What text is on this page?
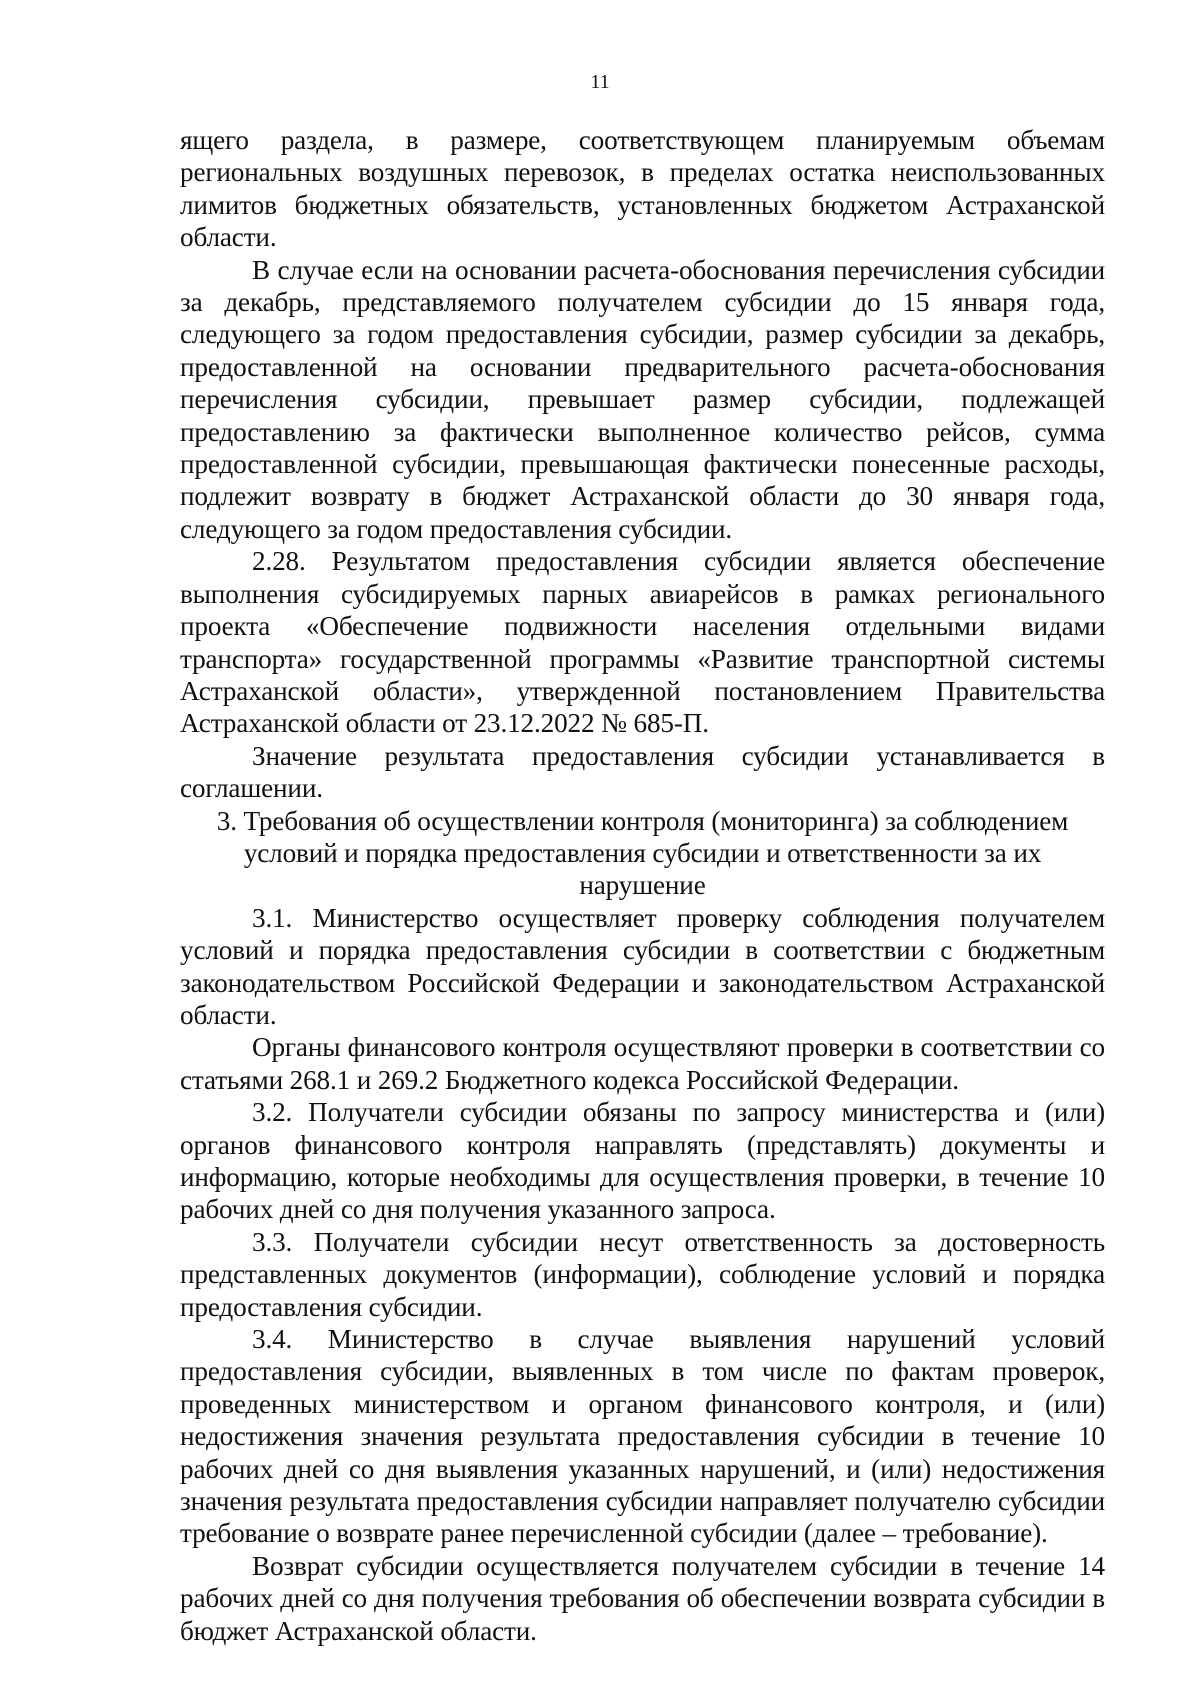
11

ящего раздела, в размере, соответствующем планируемым объемам региональных воздушных перевозок, в пределах остатка неиспользованных лимитов бюджетных обязательств, установленных бюджетом Астраханской области.

В случае если на основании расчета-обоснования перечисления субсидии за декабрь, представляемого получателем субсидии до 15 января года, следующего за годом предоставления субсидии, размер субсидии за декабрь, предоставленной на основании предварительного расчета-обоснования перечисления субсидии, превышает размер субсидии, подлежащей предоставлению за фактически выполненное количество рейсов, сумма предоставленной субсидии, превышающая фактически понесенные расходы, подлежит возврату в бюджет Астраханской области до 30 января года, следующего за годом предоставления субсидии.

2.28. Результатом предоставления субсидии является обеспечение выполнения субсидируемых парных авиарейсов в рамках регионального проекта «Обеспечение подвижности населения отдельными видами транспорта» государственной программы «Развитие транспортной системы Астраханской области», утвержденной постановлением Правительства Астраханской области от 23.12.2022 № 685-П.

Значение результата предоставления субсидии устанавливается в соглашении.

3. Требования об осуществлении контроля (мониторинга) за соблюдением

условий и порядка предоставления субсидии и ответственности за их

нарушение

3.1. Министерство осуществляет проверку соблюдения получателем условий и порядка предоставления субсидии в соответствии с бюджетным законодательством Российской Федерации и законодательством Астраханской области.

Органы финансового контроля осуществляют проверки в соответствии со статьями 268.1 и 269.2 Бюджетного кодекса Российской Федерации.

3.2. Получатели субсидии обязаны по запросу министерства и (или) органов финансового контроля направлять (представлять) документы и информацию, которые необходимы для осуществления проверки, в течение 10 рабочих дней со дня получения указанного запроса.

3.3. Получатели субсидии несут ответственность за достоверность представленных документов (информации), соблюдение условий и порядка предоставления субсидии.

3.4. Министерство в случае выявления нарушений условий предоставления субсидии, выявленных в том числе по фактам проверок, проведенных министерством и органом финансового контроля, и (или) недостижения значения результата предоставления субсидии в течение 10 рабочих дней со дня выявления указанных нарушений, и (или) недостижения значения результата предоставления субсидии направляет получателю субсидии требование о возврате ранее перечисленной субсидии (далее – требование).

Возврат субсидии осуществляется получателем субсидии в течение 14 рабочих дней со дня получения требования об обеспечении возврата субсидии в бюджет Астраханской области.
